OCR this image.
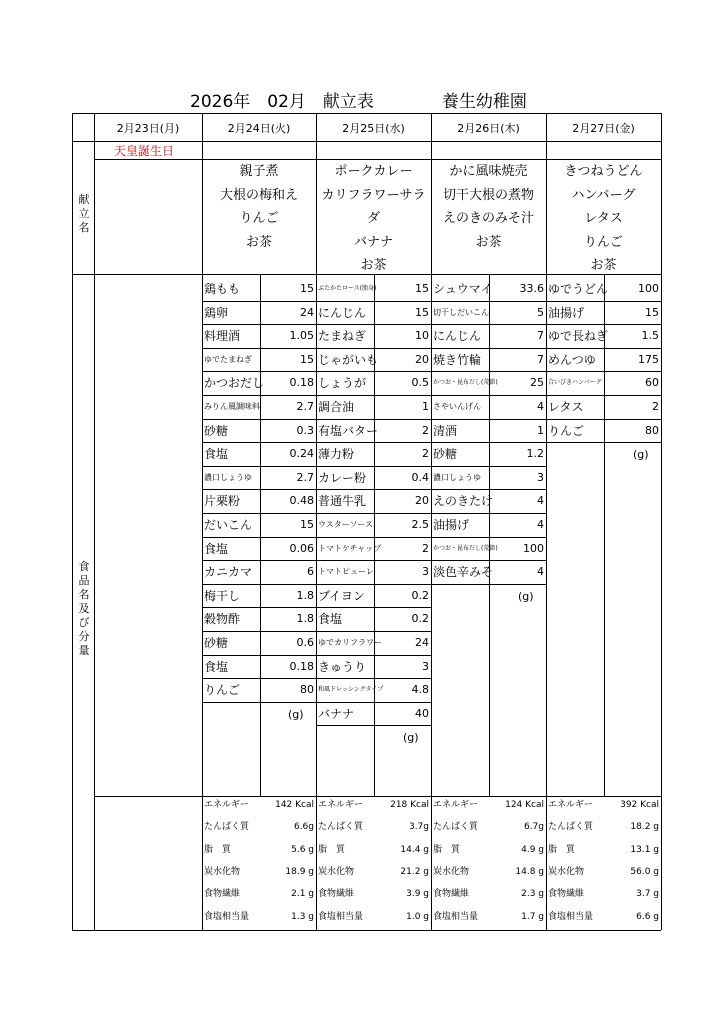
2026年　02月　献立表　　　　養生幼稚園
献
立
名
食
品
名
及
び
分
量
2月23日(月)
天皇誕生日
2月24日(火)
親子煮
大根の梅和え
りんご
お茶
鶏もも	15
鶏卵	24
料理酒	1.05
ゆでたまねぎ	15
かつおだし 0.18
みりん風調味料	2.7
砂糖	0.3
食塩	0.24
濃口しょうゆ	2.7
片栗粉	0.48
だいこん	15
食塩	0.06
カニカマ	6
梅干し	1.8
穀物酢	1.8
砂糖	0.6
食塩	0.18
りんご	80
(g)
エネルギー	142 Kcal
たんぱく質	6.6g
脂　質	5.6 g
炭水化物	18.9 g
食物繊維	2.1 g
食塩相当量	1.3 g
2月25日(水)
ポークカレー
カリフラワーサラダ
バナナ
お茶
ぶたかたロース(脂身)	15
にんじん	15
たまねぎ	10
じゃがいも	20
しょうが	0.5
調合油	1
有塩バター	2
薄力粉	2
カレー粉	0.4
普通牛乳	20
ウスターソース	2.5
トマトケチャップ	2
トマトピューレ	3
ブイヨン	0.2
食塩	0.2
ゆでカリフラワー	24
きゅうり	3
和風ドレッシングタイプ	4.8
バナナ	40
(g)
エネルギー	218 Kcal
たんぱく質	3.7g
脂　質	14.4 g
炭水化物	21.2 g
食物繊維	3.9 g
食塩相当量	1.0 g
2月26日(木)
かに風味焼売
切干大根の煮物
えのきのみそ汁
お茶
シュウマイ 33.6
切干しだいこん	5
にんじん	7
焼き竹輪	7
かつお・昆布だし(荒節)	25
さやいんげん	4
清酒	1
砂糖	1.2
濃口しょうゆ	3
えのきたけ	4
油揚げ	4
かつお・昆布だし(荒節) 100
淡色辛みそ	4
(g)
エネルギー	124 Kcal
たんぱく質	6.7g
脂　質	4.9 g
炭水化物	14.8 g
食物繊維	2.3 g
食塩相当量	1.7 g
2月27日(金)
きつねうどん
ハンバーグ
レタス
りんご
お茶
ゆでうどん	100
油揚げ	15
ゆで長ねぎ	1.5
めんつゆ	175
合いびきハンバーグ	60
レタス	2
りんご	80
(g)
エネルギー	392 Kcal
たんぱく質	18.2 g
脂　質	13.1 g
炭水化物	56.0 g
食物繊維	3.7 g
食塩相当量	6.6 g
